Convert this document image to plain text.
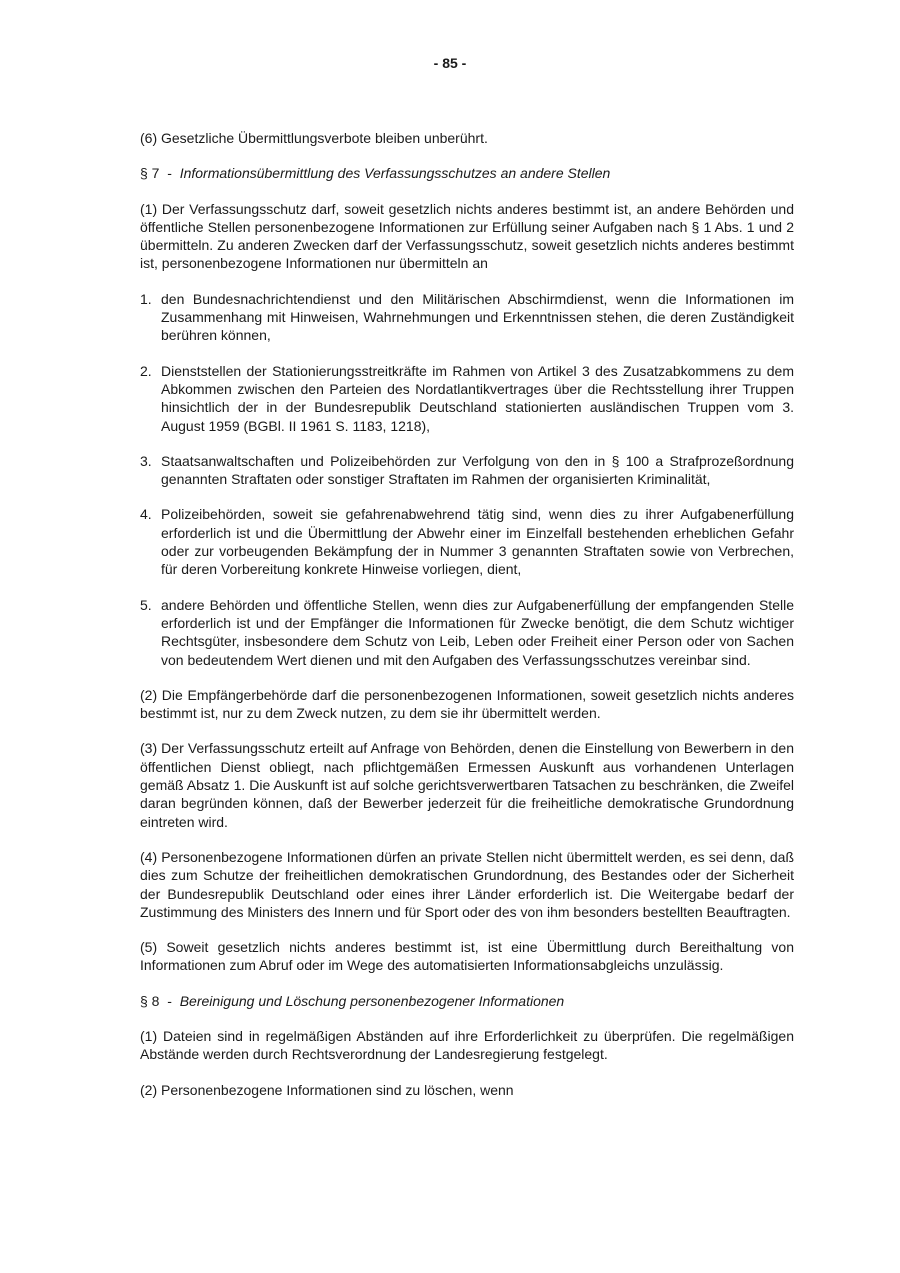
- 85 -

(6) Gesetzliche Übermittlungsverbote bleiben unberührt.

§ 7 - Informationsübermittlung des Verfassungsschutzes an andere Stellen

(1) Der Verfassungsschutz darf, soweit gesetzlich nichts anderes bestimmt ist, an andere Behörden und öffentliche Stellen personenbezogene Informationen zur Erfüllung seiner Aufgaben nach § 1 Abs. 1 und 2 übermitteln. Zu anderen Zwecken darf der Verfassungsschutz, soweit gesetzlich nichts anderes bestimmt ist, personenbezogene Informationen nur übermitteln an

1. den Bundesnachrichtendienst und den Militärischen Abschirmdienst, wenn die Informationen im Zusammenhang mit Hinweisen, Wahrnehmungen und Erkenntnissen stehen, die deren Zuständigkeit berühren können,
2. Dienststellen der Stationierungsstreitkräfte im Rahmen von Artikel 3 des Zusatzabkommens zu dem Abkommen zwischen den Parteien des Nordatlantikvertrages über die Rechtsstellung ihrer Truppen hinsichtlich der in der Bundesrepublik Deutschland stationierten ausländischen Truppen vom 3. August 1959 (BGBl. II 1961 S. 1183, 1218),
3. Staatsanwaltschaften und Polizeibehörden zur Verfolgung von den in § 100 a Strafprozeßordnung genannten Straftaten oder sonstiger Straftaten im Rahmen der organisierten Kriminalität,
4. Polizeibehörden, soweit sie gefahrenabwehrend tätig sind, wenn dies zu ihrer Aufgabenerfüllung erforderlich ist und die Übermittlung der Abwehr einer im Einzelfall bestehenden erheblichen Gefahr oder zur vorbeugenden Bekämpfung der in Nummer 3 genannten Straftaten sowie von Verbrechen, für deren Vorbereitung konkrete Hinweise vorliegen, dient,
5. andere Behörden und öffentliche Stellen, wenn dies zur Aufgabenerfüllung der empfangenden Stelle erforderlich ist und der Empfänger die Informationen für Zwecke benötigt, die dem Schutz wichtiger Rechtsgüter, insbesondere dem Schutz von Leib, Leben oder Freiheit einer Person oder von Sachen von bedeutendem Wert dienen und mit den Aufgaben des Verfassungsschutzes vereinbar sind.

(2) Die Empfängerbehörde darf die personenbezogenen Informationen, soweit gesetzlich nichts anderes bestimmt ist, nur zu dem Zweck nutzen, zu dem sie ihr übermittelt werden.

(3) Der Verfassungsschutz erteilt auf Anfrage von Behörden, denen die Einstellung von Bewerbern in den öffentlichen Dienst obliegt, nach pflichtgemäßen Ermessen Auskunft aus vorhandenen Unterlagen gemäß Absatz 1. Die Auskunft ist auf solche gerichtsverwertbaren Tatsachen zu beschränken, die Zweifel daran begründen können, daß der Bewerber jederzeit für die freiheitliche demokratische Grundordnung eintreten wird.

(4) Personenbezogene Informationen dürfen an private Stellen nicht übermittelt werden, es sei denn, daß dies zum Schutze der freiheitlichen demokratischen Grundordnung, des Bestandes oder der Sicherheit der Bundesrepublik Deutschland oder eines ihrer Länder erforderlich ist. Die Weitergabe bedarf der Zustimmung des Ministers des Innern und für Sport oder des von ihm besonders bestellten Beauftragten.

(5) Soweit gesetzlich nichts anderes bestimmt ist, ist eine Übermittlung durch Bereithaltung von Informationen zum Abruf oder im Wege des automatisierten Informationsabgleichs unzulässig.

§ 8 - Bereinigung und Löschung personenbezogener Informationen

(1) Dateien sind in regelmäßigen Abständen auf ihre Erforderlichkeit zu überprüfen. Die regelmäßigen Abstände werden durch Rechtsverordnung der Landesregierung festgelegt.

(2) Personenbezogene Informationen sind zu löschen, wenn
